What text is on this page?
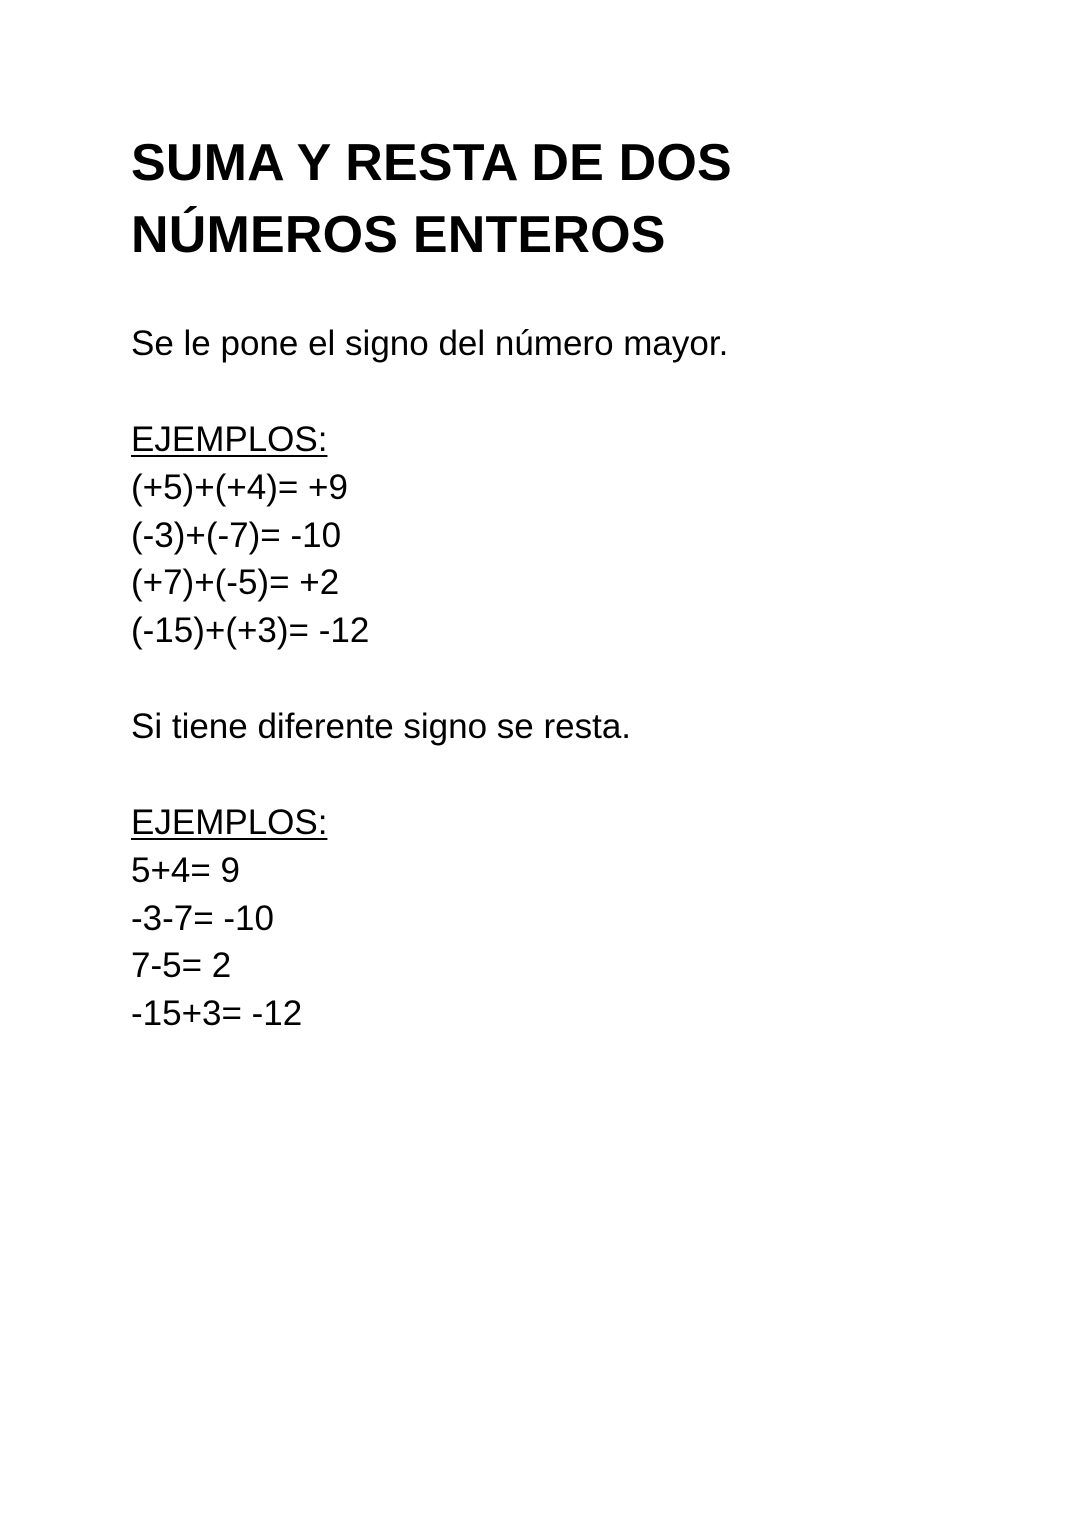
SUMA Y RESTA DE DOS
NÚMEROS ENTEROS
Se le pone el signo del número mayor.
EJEMPLOS:
(+5)+(+4)= +9
(-3)+(-7)= -10
(+7)+(-5)= +2
(-15)+(+3)= -12
Si tiene diferente signo se resta.
EJEMPLOS:
5+4= 9
-3-7= -10
7-5= 2
-15+3= -12
